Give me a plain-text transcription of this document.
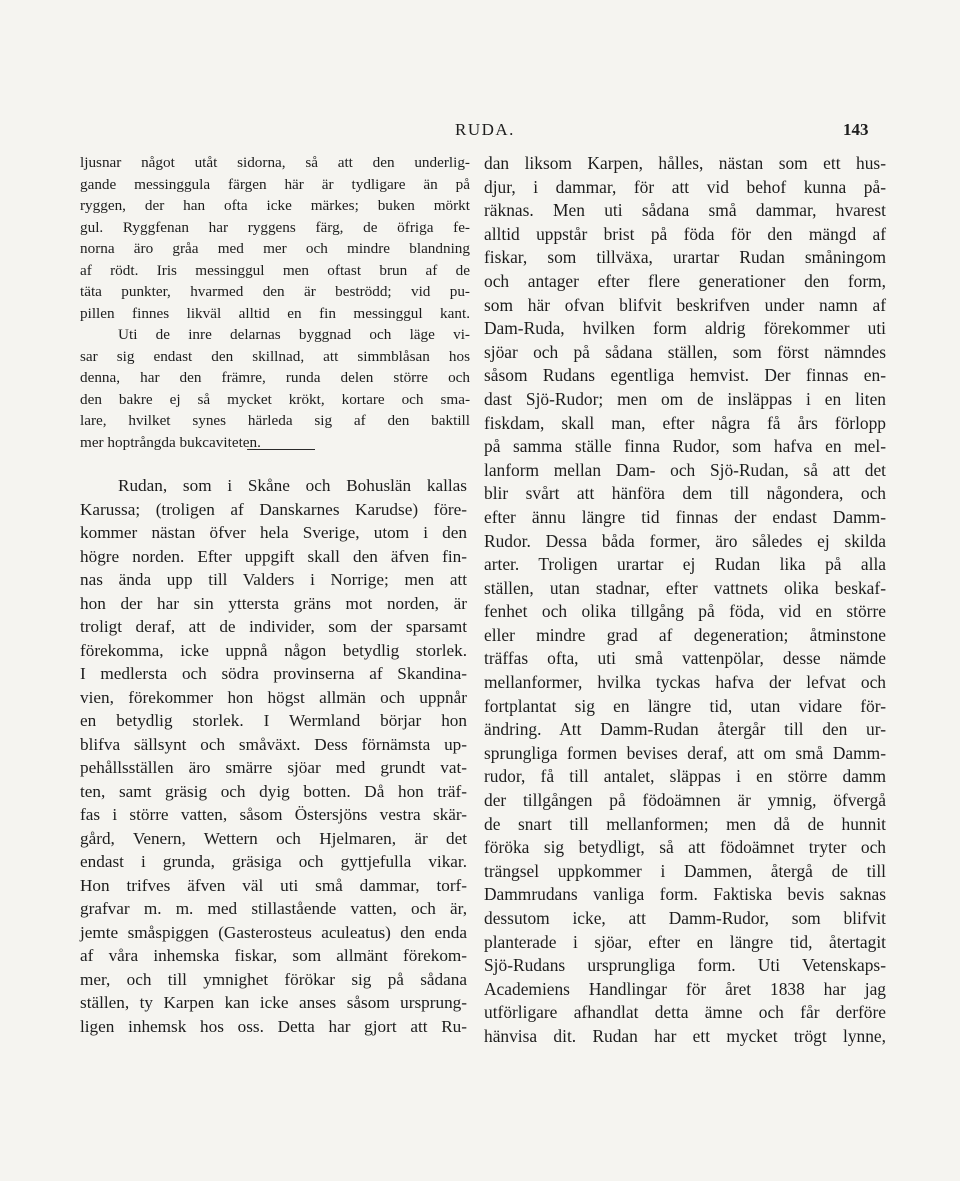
RUDA.	143
ljusnar något utåt sidorna, så att den underlig-
gande messinggula färgen här är tydligare än på
ryggen, der han ofta icke märkes; buken mörkt
gul. Ryggfenan har ryggens färg, de öfriga fe-
norna äro gråa med mer och mindre blandning
af rödt. Iris messinggul men oftast brun af de
täta punkter, hvarmed den är beströdd; vid pu-
pillen finnes likväl alltid en fin messinggul kant.
Uti de inre delarnas byggnad och läge vi-
sar sig endast den skillnad, att simmblåsan hos
denna, har den främre, runda delen större och
den bakre ej så mycket krökt, kortare och sma-
lare, hvilket synes härleda sig af den baktill
mer hoptrångda bukcaviteten.
Rudan, som i Skåne och Bohuslän kallas
Karussa; (troligen af Danskarnes Karudse) före-
kommer nästan öfver hela Sverige, utom i den
högre norden. Efter uppgift skall den äfven fin-
nas ända upp till Valders i Norrige; men att
hon der har sin yttersta gräns mot norden, är
troligt deraf, att de individer, som der sparsamt
förekomma, icke uppnå någon betydlig storlek.
I medlersta och södra provinserna af Skandina-
vien, förekommer hon högst allmän och uppnår
en betydlig storlek. I Wermland börjar hon
blifva sällsynt och småväxt. Dess förnämsta up-
pehållsställen äro smärre sjöar med grundt vat-
ten, samt gräsig och dyig botten. Då hon träf-
fas i större vatten, såsom Östersjöns vestra skär-
gård, Venern, Wettern och Hjelmaren, är det
endast i grunda, gräsiga och gyttjefulla vikar.
Hon trifves äfven väl uti små dammar, torf-
grafvar m. m. med stillastående vatten, och är,
jemte småspiggen (Gasterosteus aculeatus) den enda
af våra inhemska fiskar, som allmänt förekom-
mer, och till ymnighet förökar sig på sådana
ställen, ty Karpen kan icke anses såsom ursprung-
ligen inhemsk hos oss. Detta har gjort att Ru-
dan liksom Karpen, hålles, nästan som ett hus-
djur, i dammar, för att vid behof kunna på-
räknas. Men uti sådana små dammar, hvarest
alltid uppstår brist på föda för den mängd af
fiskar, som tillväxa, urartar Rudan småningom
och antager efter flere generationer den form,
som här ofvan blifvit beskrifven under namn af
Dam-Ruda, hvilken form aldrig förekommer uti
sjöar och på sådana ställen, som först nämndes
såsom Rudans egentliga hemvist. Der finnas en-
dast Sjö-Rudor; men om de insläppas i en liten
fiskdam, skall man, efter några få års förlopp
på samma ställe finna Rudor, som hafva en mel-
lanform mellan Dam- och Sjö-Rudan, så att det
blir svårt att hänföra dem till någondera, och
efter ännu längre tid finnas der endast Damm-
Rudor. Dessa båda former, äro således ej skilda
arter. Troligen urartar ej Rudan lika på alla
ställen, utan stadnar, efter vattnets olika beskaf-
fenhet och olika tillgång på föda, vid en större
eller mindre grad af degeneration; åtminstone
träffas ofta, uti små vattenpölar, desse nämde
mellanformer, hvilka tyckas hafva der lefvat och
fortplantat sig en längre tid, utan vidare för-
ändring. Att Damm-Rudan återgår till den ur-
sprungliga formen bevises deraf, att om små Damm-
rudor, få till antalet, släppas i en större damm
der tillgången på födoämnen är ymnig, öfvergå
de snart till mellanformen; men då de hunnit
föröka sig betydligt, så att födoämnet tryter och
trängsel uppkommer i Dammen, återgå de till
Dammrudans vanliga form. Faktiska bevis saknas
dessutom icke, att Damm-Rudor, som blifvit
planterade i sjöar, efter en längre tid, återtagit
Sjö-Rudans ursprungliga form. Uti Vetenskaps-
Academiens Handlingar för året 1838 har jag
utförligare afhandlat detta ämne och får derföre
hänvisa dit. Rudan har ett mycket trögt lynne,
